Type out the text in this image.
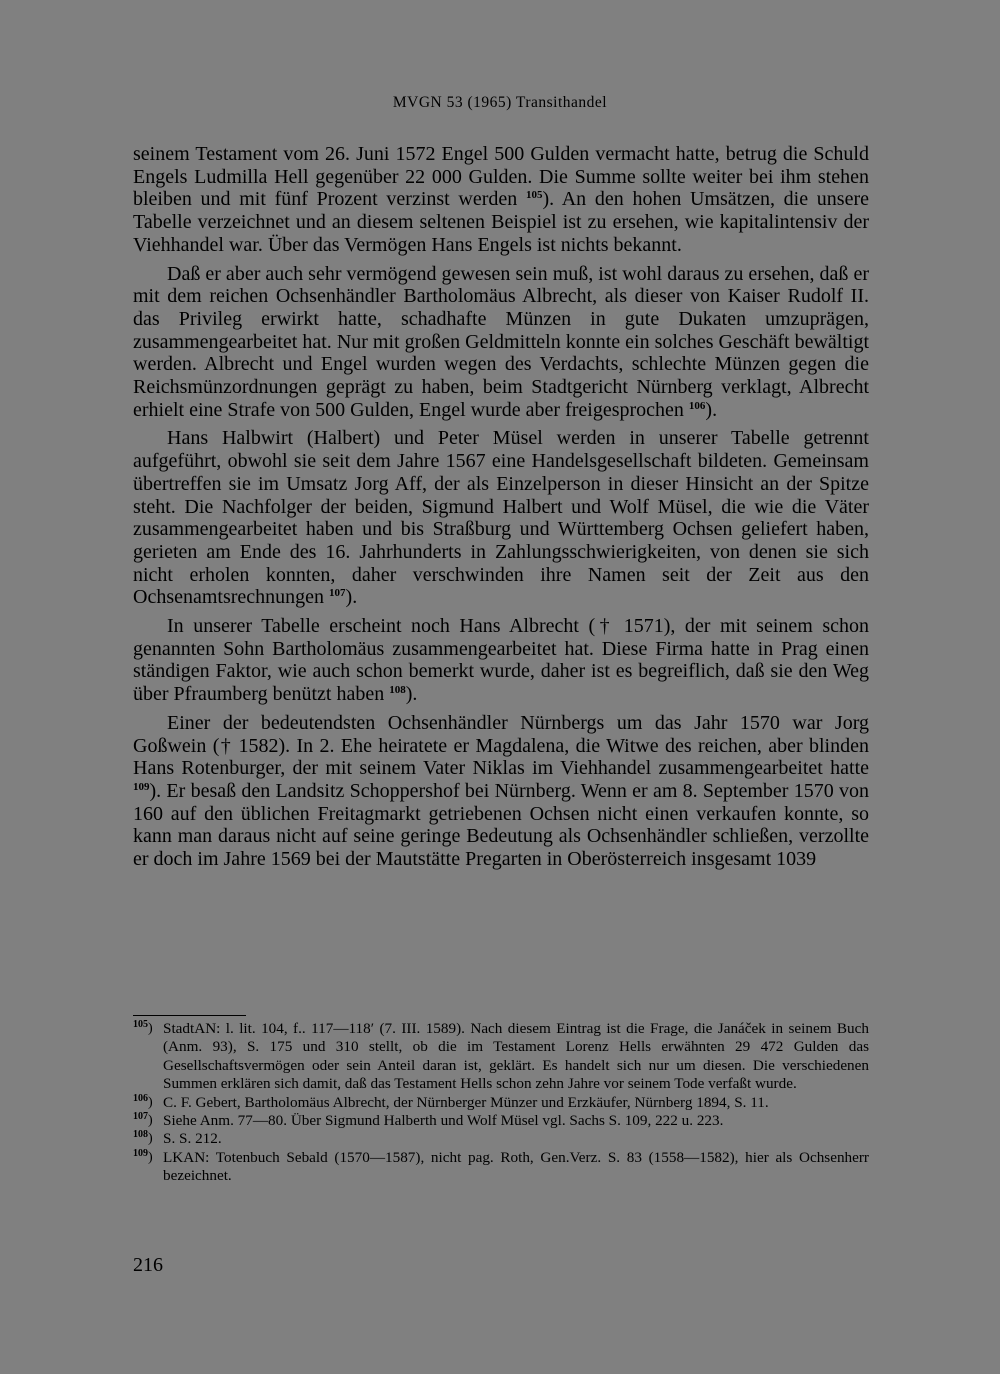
MVGN 53 (1965) Transithandel

seinem Testament vom 26. Juni 1572 Engel 500 Gulden vermacht hatte, betrug die Schuld Engels Ludmilla Hell gegenüber 22 000 Gulden. Die Summe sollte weiter bei ihm stehen bleiben und mit fünf Prozent verzinst werden $^{105}$). An den hohen Umsätzen, die unsere Tabelle verzeichnet und an diesem seltenen Beispiel ist zu ersehen, wie kapitalintensiv der Viehhandel war. Über das Vermögen Hans Engels ist nichts bekannt.

Daß er aber auch sehr vermögend gewesen sein muß, ist wohl daraus zu ersehen, daß er mit dem reichen Ochsenhändler Bartholomäus Albrecht, als dieser von Kaiser Rudolf II. das Privileg erwirkt hatte, schadhafte Münzen in gute Dukaten umzuprägen, zusammengearbeitet hat. Nur mit großen Geldmitteln konnte ein solches Geschäft bewältigt werden. Albrecht und Engel wurden wegen des Verdachts, schlechte Münzen gegen die Reichsmünzordnungen geprägt zu haben, beim Stadtgericht Nürnberg verklagt, Albrecht erhielt eine Strafe von 500 Gulden, Engel wurde aber freigesprochen $^{106}$).

Hans Halbwirt (Halbert) und Peter Müsel werden in unserer Tabelle getrennt aufgeführt, obwohl sie seit dem Jahre 1567 eine Handelsgesellschaft bildeten. Gemeinsam übertreffen sie im Umsatz Jorg Aff, der als Einzelperson in dieser Hinsicht an der Spitze steht. Die Nachfolger der beiden, Sigmund Halbert und Wolf Müsel, die wie die Väter zusammengearbeitet haben und bis Straßburg und Württemberg Ochsen geliefert haben, gerieten am Ende des 16. Jahrhunderts in Zahlungsschwierigkeiten, von denen sie sich nicht erholen konnten, daher verschwinden ihre Namen seit der Zeit aus den Ochsenamtsrechnungen $^{107}$).

In unserer Tabelle erscheint noch Hans Albrecht († 1571), der mit seinem schon genannten Sohn Bartholomäus zusammengearbeitet hat. Diese Firma hatte in Prag einen ständigen Faktor, wie auch schon bemerkt wurde, daher ist es begreiflich, daß sie den Weg über Pfraumberg benützt haben $^{108}$).

Einer der bedeutendsten Ochsenhändler Nürnbergs um das Jahr 1570 war Jorg Goßwein († 1582). In 2. Ehe heiratete er Magdalena, die Witwe des reichen, aber blinden Hans Rotenburger, der mit seinem Vater Niklas im Viehhandel zusammengearbeitet hatte $^{109}$). Er besaß den Landsitz Schoppershof bei Nürnberg. Wenn er am 8. September 1570 von 160 auf den üblichen Freitagmarkt getriebenen Ochsen nicht einen verkaufen konnte, so kann man daraus nicht auf seine geringe Bedeutung als Ochsenhändler schließen, verzollte er doch im Jahre 1569 bei der Mautstätte Pregarten in Oberösterreich insgesamt 1039

$^{105}$) StadtAN: l. lit. 104, f.. 117—118′ (7. III. 1589). Nach diesem Eintrag ist die Frage, die Janáček in seinem Buch (Anm. 93), S. 175 und 310 stellt, ob die im Testament Lorenz Hells erwähnten 29 472 Gulden das Gesellschaftsvermögen oder sein Anteil daran ist, geklärt. Es handelt sich nur um diesen. Die verschiedenen Summen erklären sich damit, daß das Testament Hells schon zehn Jahre vor seinem Tode verfaßt wurde.
$^{106}$) C. F. Gebert, Bartholomäus Albrecht, der Nürnberger Münzer und Erzkäufer, Nürnberg 1894, S. 11.
$^{107}$) Siehe Anm. 77—80. Über Sigmund Halberth und Wolf Müsel vgl. Sachs S. 109, 222 u. 223.
$^{108}$) S. S. 212.
$^{109}$) LKAN: Totenbuch Sebald (1570—1587), nicht pag. Roth, Gen.Verz. S. 83 (1558—1582), hier als Ochsenherr bezeichnet.
216
